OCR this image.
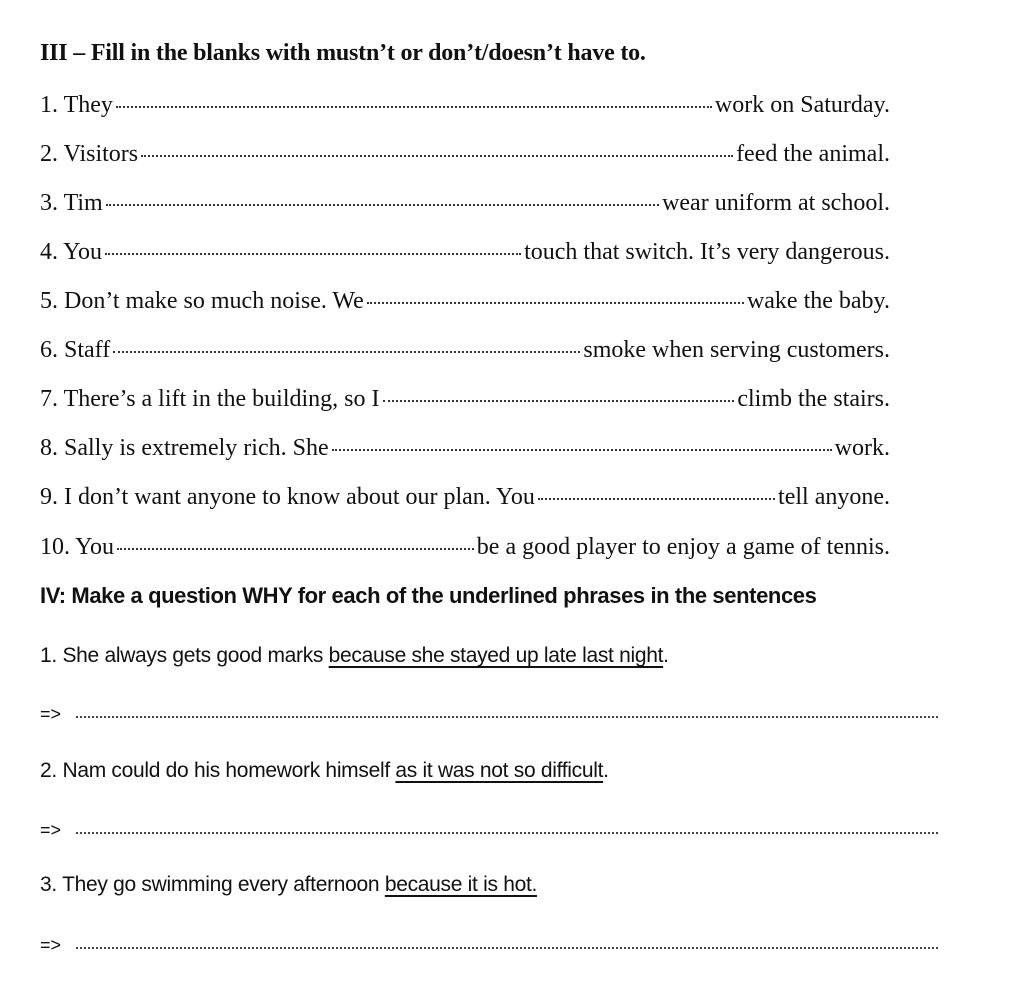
III – Fill in the blanks with mustn’t or don’t/doesn’t have to.
1. They	work on Saturday.
2. Visitors	feed the animal.
3. Tim	wear uniform at school.
4. You	touch that switch. It’s very dangerous.
5. Don’t make so much noise. We	wake the baby.
6. Staff	smoke when serving customers.
7. There’s a lift in the building, so I	climb the stairs.
8. Sally is extremely rich. She	work.
9. I don’t want anyone to know about our plan. You	tell anyone.
10. You	be a good player to enjoy a game of tennis.
IV: Make a question WHY for each of the underlined phrases in the sentences
1. She always gets good marks because she stayed up late last night.
=>
2. Nam could do his homework himself as it was not so difficult.
=>
3. They go swimming every afternoon because it is hot.
=>
